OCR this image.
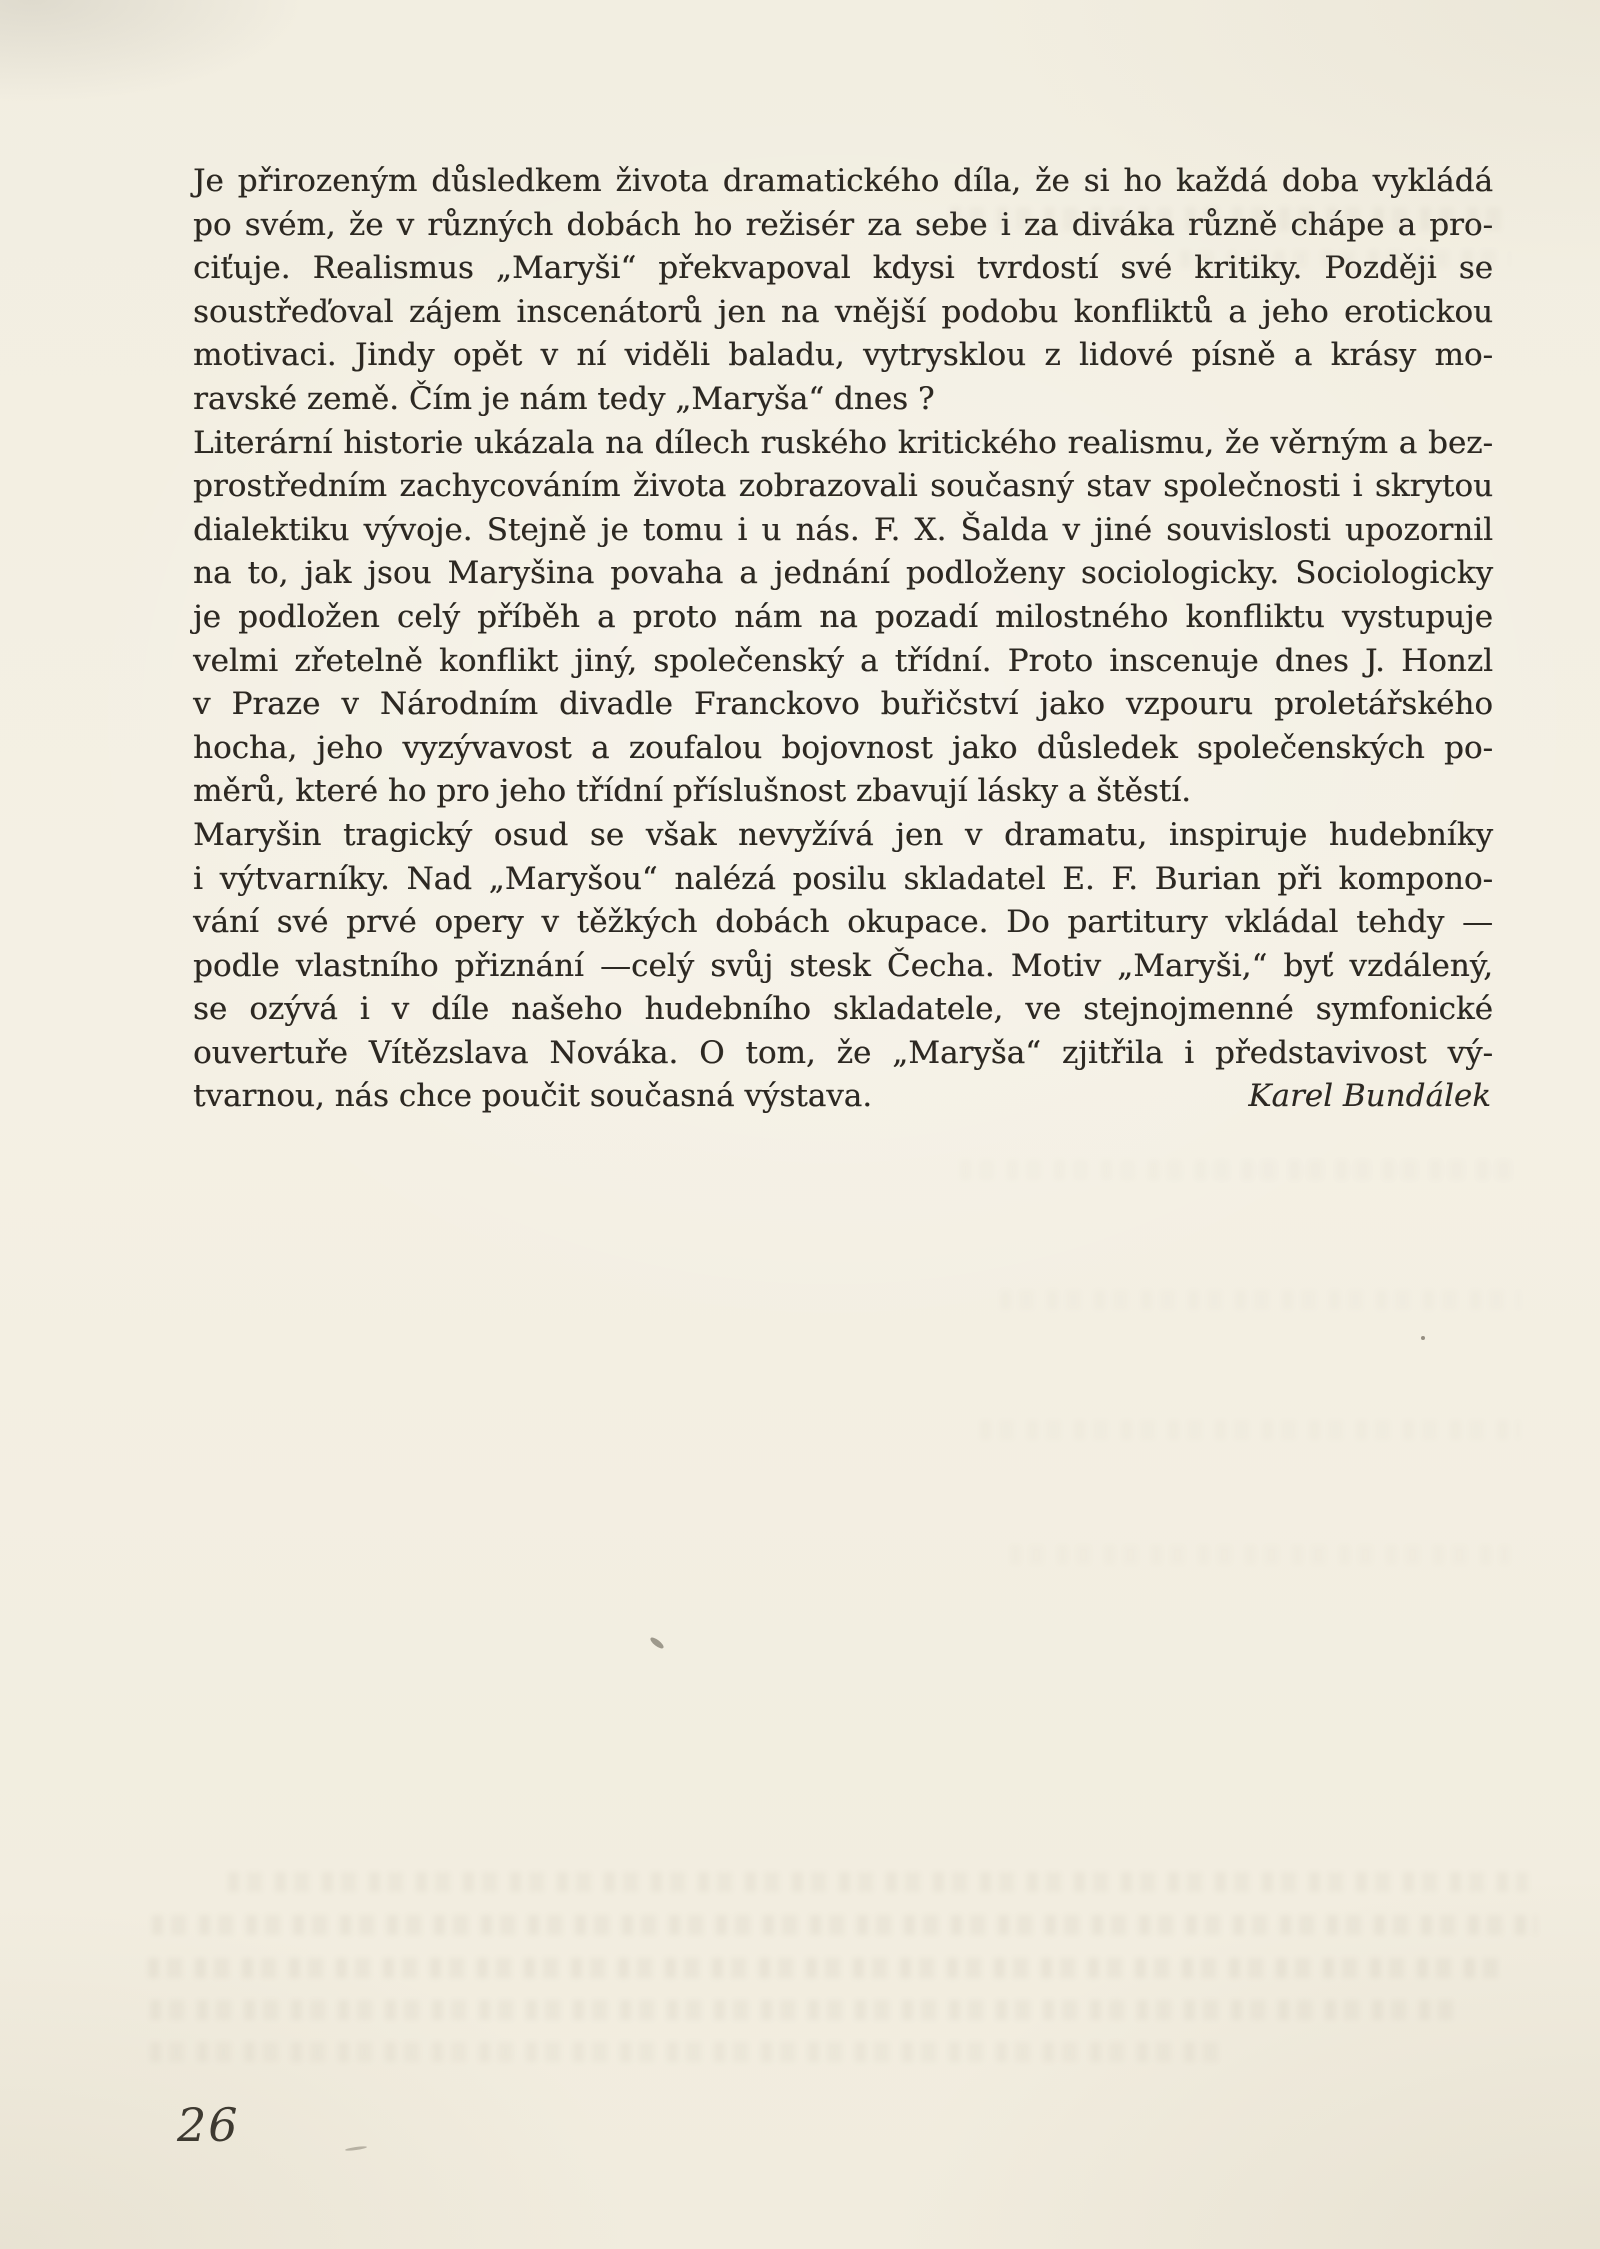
Je přirozeným důsledkem života dramatického díla, že si ho každá doba vykládá
po svém, že v různých dobách ho režisér za sebe i za diváka různě chápe a pro-
ciťuje. Realismus „Maryši“ překvapoval kdysi tvrdostí své kritiky. Později se
soustřeďoval zájem inscenátorů jen na vnější podobu konfliktů a jeho erotickou
motivaci. Jindy opět v ní viděli baladu, vytrysklou z lidové písně a krásy mo-
ravské země. Čím je nám tedy „Maryša“ dnes ?
Literární historie ukázala na dílech ruského kritického realismu, že věrným a bez-
prostředním zachycováním života zobrazovali současný stav společnosti i skrytou
dialektiku vývoje. Stejně je tomu i u nás. F. X. Šalda v jiné souvislosti upozornil
na to, jak jsou Maryšina povaha a jednání podloženy sociologicky. Sociologicky
je podložen celý příběh a proto nám na pozadí milostného konfliktu vystupuje
velmi zřetelně konflikt jiný, společenský a třídní. Proto inscenuje dnes J. Honzl
v Praze v Národním divadle Franckovo buřičství jako vzpouru proletářského
hocha, jeho vyzývavost a zoufalou bojovnost jako důsledek společenských po-
měrů, které ho pro jeho třídní příslušnost zbavují lásky a štěstí.
Maryšin tragický osud se však nevyžívá jen v dramatu, inspiruje hudebníky
i výtvarníky. Nad „Maryšou“ nalézá posilu skladatel E. F. Burian při kompono-
vání své prvé opery v těžkých dobách okupace. Do partitury vkládal tehdy —
podle vlastního přiznání —celý svůj stesk Čecha. Motiv „Maryši,“ byť vzdálený,
se ozývá i v díle našeho hudebního skladatele, ve stejnojmenné symfonické
ouvertuře Vítězslava Nováka. O tom, že „Maryša“ zjitřila i představivost vý-
tvarnou, nás chce poučit současná výstava.	Karel Bundálek
26
